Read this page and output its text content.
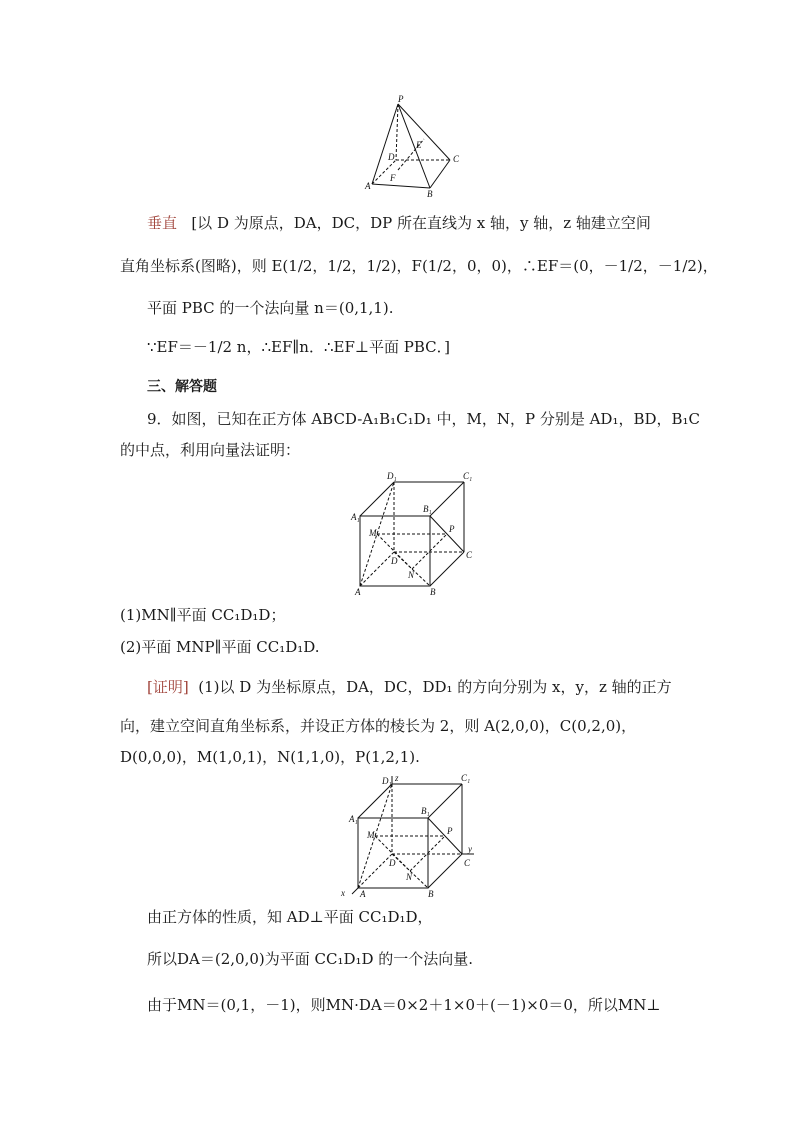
P
E
C
D
F
A
B
垂直 [以 D 为原点，DA，DC，DP 所在直线为 x 轴，y 轴，z 轴建立空间
直角坐标系(图略)，则 E(1/2，1/2，1/2)，F(1/2，0，0)，∴EF＝(0，－1/2，－1/2)，
平面 PBC 的一个法向量 n＝(0,1,1).
∵EF＝－1/2 n，∴EF∥n．∴EF⊥平面 PBC．]
三、解答题
9．如图，已知在正方体 ABCD-A₁B₁C₁D₁ 中，M，N，P 分别是 AD₁，BD，B₁C
的中点，利用向量法证明：
D₁	C₁
A₁
B₁
M	P
D
C
N
A	B
(1)MN∥平面 CC₁D₁D；
(2)平面 MNP∥平面 CC₁D₁D.
[证明] (1)以 D 为坐标原点，DA，DC，DD₁ 的方向分别为 x，y，z 轴的正方
向，建立空间直角坐标系，并设正方体的棱长为 2，则 A(2,0,0)，C(0,2,0)，
D(0,0,0)，M(1,0,1)，N(1,1,0)，P(1,2,1).
D₁ z	C₁
A₁
B₁
M	P
y
D	C
N
x A	B
由正方体的性质，知 AD⊥平面 CC₁D₁D，
所以DA＝(2,0,0)为平面 CC₁D₁D 的一个法向量.
由于MN＝(0,1，－1)，则MN·DA＝0×2＋1×0＋(－1)×0＝0，所以MN⊥
